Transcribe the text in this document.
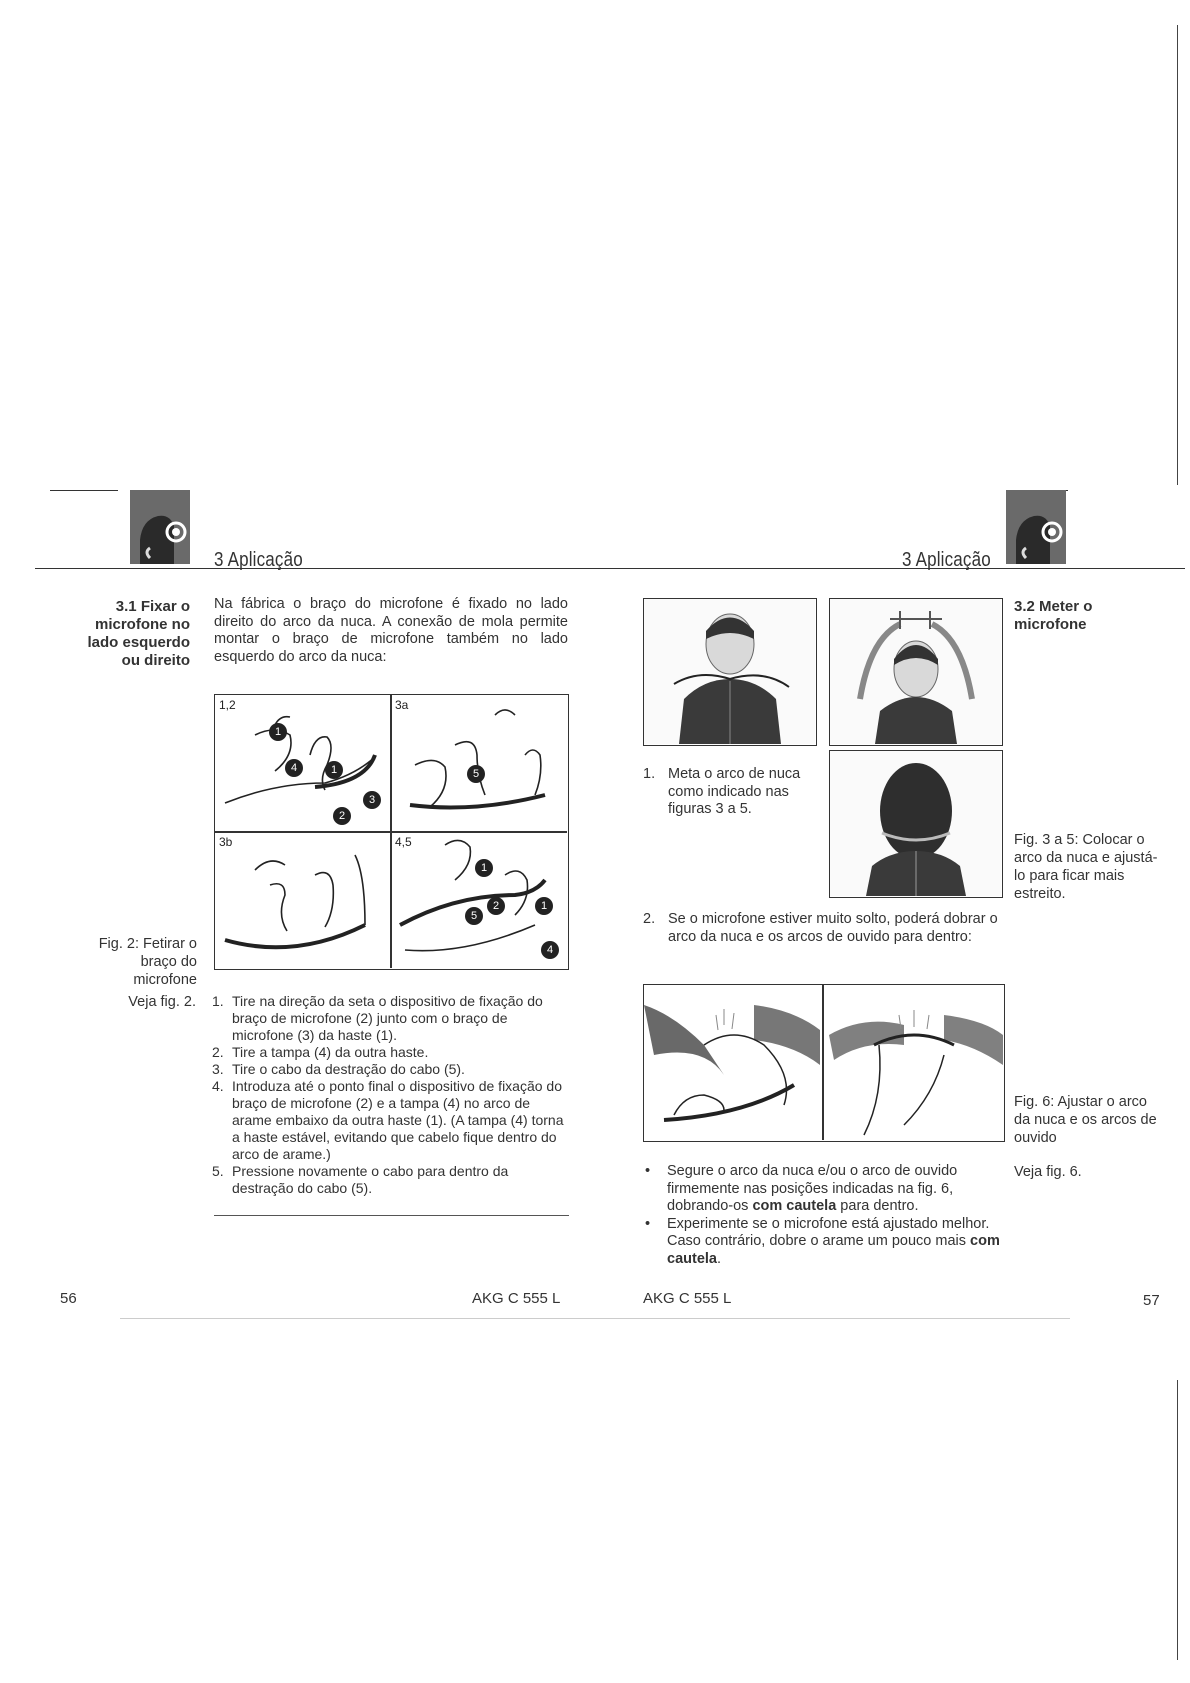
3 Aplicação	3 Aplicação
3.1 Fixar o
microfone no
lado esquerdo
ou direito
Na fábrica o braço do microfone é fixado no lado direito do arco da nuca. A conexão de mola permite montar o braço de microfone também no lado esquerdo do arco da nuca:
1,2	3a
3b	4,5
1
4	1
3
2
5
1
2
5
1
4
Fig. 2: Fetirar o braço do microfone
Veja fig. 2. 1. Tire na direção da seta o dispositivo de fixação do braço de microfone (2) junto com o braço de microfone (3) da haste (1).
2. Tire a tampa (4) da outra haste.
3. Tire o cabo da destração do cabo (5).
4. Introduza até o ponto final o dispositivo de fixação do braço de microfone (2) e a tampa (4) no arco de arame embaixo da outra haste (1). (A tampa (4) torna a haste estável, evitando que cabelo fique dentro do arco de arame.)
5. Pressione novamente o cabo para dentro da destração do cabo (5).
3.2 Meter o
microfone
1. Meta o arco de nuca como indicado nas figuras 3 a 5.
Fig. 3 a 5: Colocar o arco da nuca e ajustá-lo para ficar mais estreito.
2. Se o microfone estiver muito solto, poderá dobrar o arco da nuca e os arcos de ouvido para dentro:
Fig. 6: Ajustar o arco da nuca e os arcos de ouvido
Veja fig. 6.
• Segure o arco da nuca e/ou o arco de ouvido firmemente nas posições indicadas na fig. 6, dobrando-os com cautela para dentro.
• Experimente se o microfone está ajustado melhor. Caso contrário, dobre o arame um pouco mais com cautela.
56	AKG C 555 L	AKG C 555 L	57
